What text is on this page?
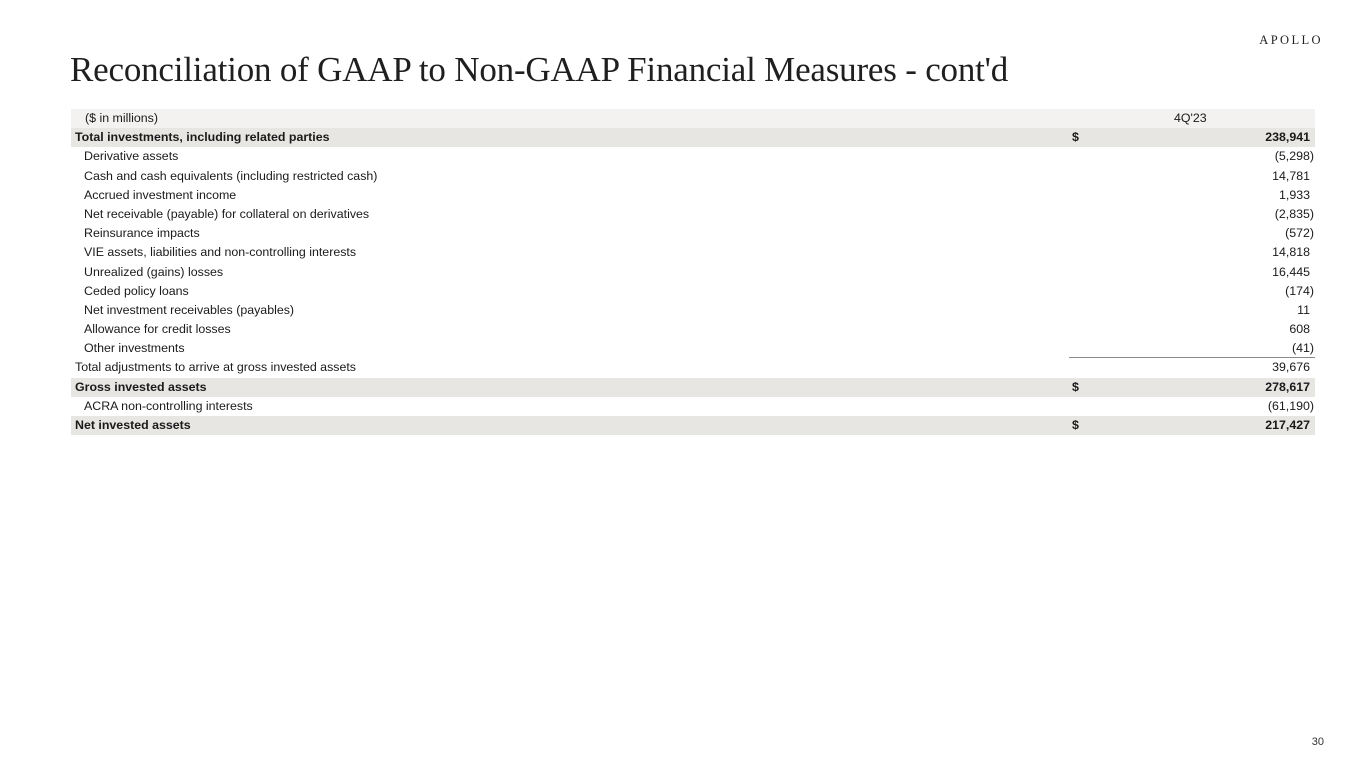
APOLLO
Reconciliation of GAAP to Non-GAAP Financial Measures - cont'd
($ in millions)	4Q'23
Total investments, including related parties	$	238,941
Derivative assets	(5,298)
Cash and cash equivalents (including restricted cash)	14,781
Accrued investment income	1,933
Net receivable (payable) for collateral on derivatives	(2,835)
Reinsurance impacts	(572)
VIE assets, liabilities and non-controlling interests	14,818
Unrealized (gains) losses	16,445
Ceded policy loans	(174)
Net investment receivables (payables)	11
Allowance for credit losses	608
Other investments	(41)
Total adjustments to arrive at gross invested assets	39,676
Gross invested assets	$	278,617
ACRA non-controlling interests	(61,190)
Net invested assets	$	217,427
30
